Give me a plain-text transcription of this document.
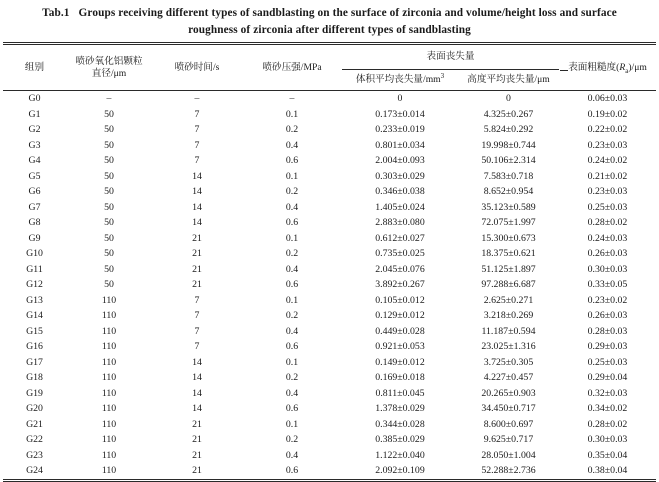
Tab.1 Groups receiving different types of sandblasting on the surface of zirconia and volume/height loss and surface
roughness of zirconia after different types of sandblasting
组别	喷砂氧化铝颗粒
直径/μm	喷砂时间/s	喷砂压强/MPa	表面丧失量		表面粗糙度$(R_a)/\mu m$
				体积平均丧失量$/mm^3$	高度平均丧失量/μm	
G0	–	–	–	0	0	0.06±0.03
G1	50	7	0.1	0.173±0.014	4.325±0.267	0.19±0.02
G2	50	7	0.2	0.233±0.019	5.824±0.292	0.22±0.02
G3	50	7	0.4	0.801±0.034	19.998±0.744	0.23±0.03
G4	50	7	0.6	2.004±0.093	50.106±2.314	0.24±0.02
G5	50	14	0.1	0.303±0.029	7.583±0.718	0.21±0.02
G6	50	14	0.2	0.346±0.038	8.652±0.954	0.23±0.03
G7	50	14	0.4	1.405±0.024	35.123±0.589	0.25±0.03
G8	50	14	0.6	2.883±0.080	72.075±1.997	0.28±0.02
G9	50	21	0.1	0.612±0.027	15.300±0.673	0.24±0.03
G10	50	21	0.2	0.735±0.025	18.375±0.621	0.26±0.03
G11	50	21	0.4	2.045±0.076	51.125±1.897	0.30±0.03
G12	50	21	0.6	3.892±0.267	97.288±6.687	0.33±0.05
G13	110	7	0.1	0.105±0.012	2.625±0.271	0.23±0.02
G14	110	7	0.2	0.129±0.012	3.218±0.269	0.26±0.03
G15	110	7	0.4	0.449±0.028	11.187±0.594	0.28±0.03
G16	110	7	0.6	0.921±0.053	23.025±1.316	0.29±0.03
G17	110	14	0.1	0.149±0.012	3.725±0.305	0.25±0.03
G18	110	14	0.2	0.169±0.018	4.227±0.457	0.29±0.04
G19	110	14	0.4	0.811±0.045	20.265±0.903	0.32±0.03
G20	110	14	0.6	1.378±0.029	34.450±0.717	0.34±0.02
G21	110	21	0.1	0.344±0.028	8.600±0.697	0.28±0.02
G22	110	21	0.2	0.385±0.029	9.625±0.717	0.30±0.03
G23	110	21	0.4	1.122±0.040	28.050±1.004	0.35±0.04
G24	110	21	0.6	2.092±0.109	52.288±2.736	0.38±0.04
